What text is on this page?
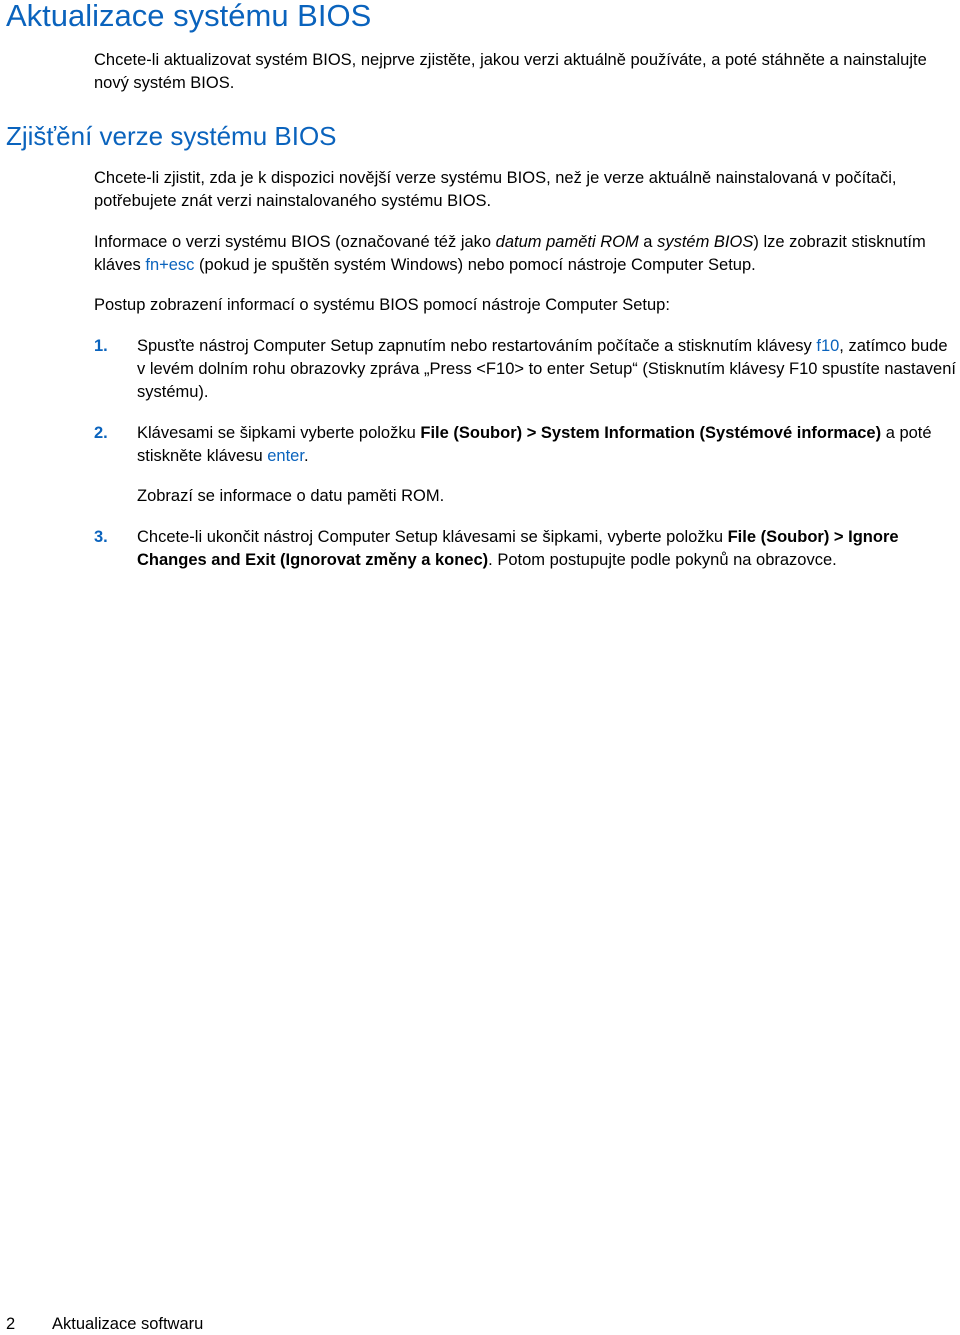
Aktualizace systému BIOS

Chcete-li aktualizovat systém BIOS, nejprve zjistěte, jakou verzi aktuálně používáte, a poté stáhněte a nainstalujte nový systém BIOS.

Zjišťění verze systému BIOS

Chcete-li zjistit, zda je k dispozici novější verze systému BIOS, než je verze aktuálně nainstalovaná v počítači, potřebujete znát verzi nainstalovaného systému BIOS.

Informace o verzi systému BIOS (označované též jako datum paměti ROM a systém BIOS) lze zobrazit stisknutím kláves fn+esc (pokud je spuštěn systém Windows) nebo pomocí nástroje Computer Setup.

Postup zobrazení informací o systému BIOS pomocí nástroje Computer Setup:

1. Spusťte nástroj Computer Setup zapnutím nebo restartováním počítače a stisknutím klávesy f10, zatímco bude v levém dolním rohu obrazovky zpráva „Press <F10> to enter Setup“ (Stisknutím klávesy F10 spustíte nastavení systému).

2. Klávesami se šipkami vyberte položku File (Soubor) > System Information (Systémové informace) a poté stiskněte klávesu enter.

Zobrazí se informace o datu paměti ROM.

3. Chcete-li ukončit nástroj Computer Setup klávesami se šipkami, vyberte položku File (Soubor) > Ignore Changes and Exit (Ignorovat změny a konec). Potom postupujte podle pokynů na obrazovce.

2 Aktualizace softwaru
